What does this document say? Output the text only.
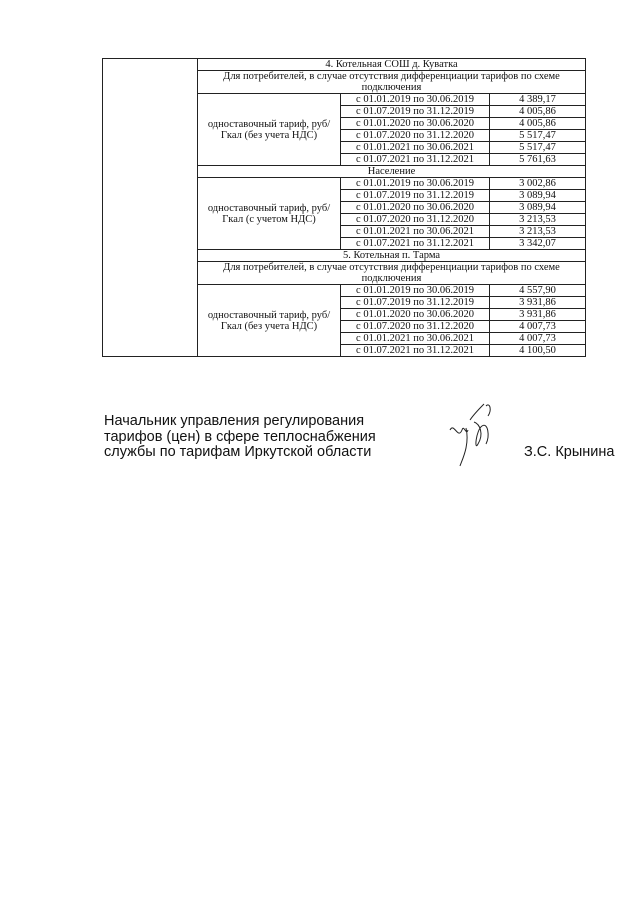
	4. Котельная СОШ д. Куватка		
	Для потребителей, в случае отсутствия дифференциации тарифов по схеме подключения		
	одноставочный тариф, руб/Гкал (без учета НДС)	с 01.01.2019 по 30.06.2019	4 389,17
		с 01.07.2019 по 31.12.2019	4 005,86
		с 01.01.2020 по 30.06.2020	4 005,86
		с 01.07.2020 по 31.12.2020	5 517,47
		с 01.01.2021 по 30.06.2021	5 517,47
		с 01.07.2021 по 31.12.2021	5 761,63
	Население		
	одноставочный тариф, руб/Гкал (с учетом НДС)	с 01.01.2019 по 30.06.2019	3 002,86
		с 01.07.2019 по 31.12.2019	3 089,94
		с 01.01.2020 по 30.06.2020	3 089,94
		с 01.07.2020 по 31.12.2020	3 213,53
		с 01.01.2021 по 30.06.2021	3 213,53
		с 01.07.2021 по 31.12.2021	3 342,07
	5. Котельная п. Тарма		
	Для потребителей, в случае отсутствия дифференциации тарифов по схеме подключения		
	одноставочный тариф, руб/Гкал (без учета НДС)	с 01.01.2019 по 30.06.2019	4 557,90
		с 01.07.2019 по 31.12.2019	3 931,86
		с 01.01.2020 по 30.06.2020	3 931,86
		с 01.07.2020 по 31.12.2020	4 007,73
		с 01.01.2021 по 30.06.2021	4 007,73
		с 01.07.2021 по 31.12.2021	4 100,50
Начальник управления регулирования
тарифов (цен) в сфере теплоснабжения
службы по тарифам Иркутской области	З.С. Крынина
